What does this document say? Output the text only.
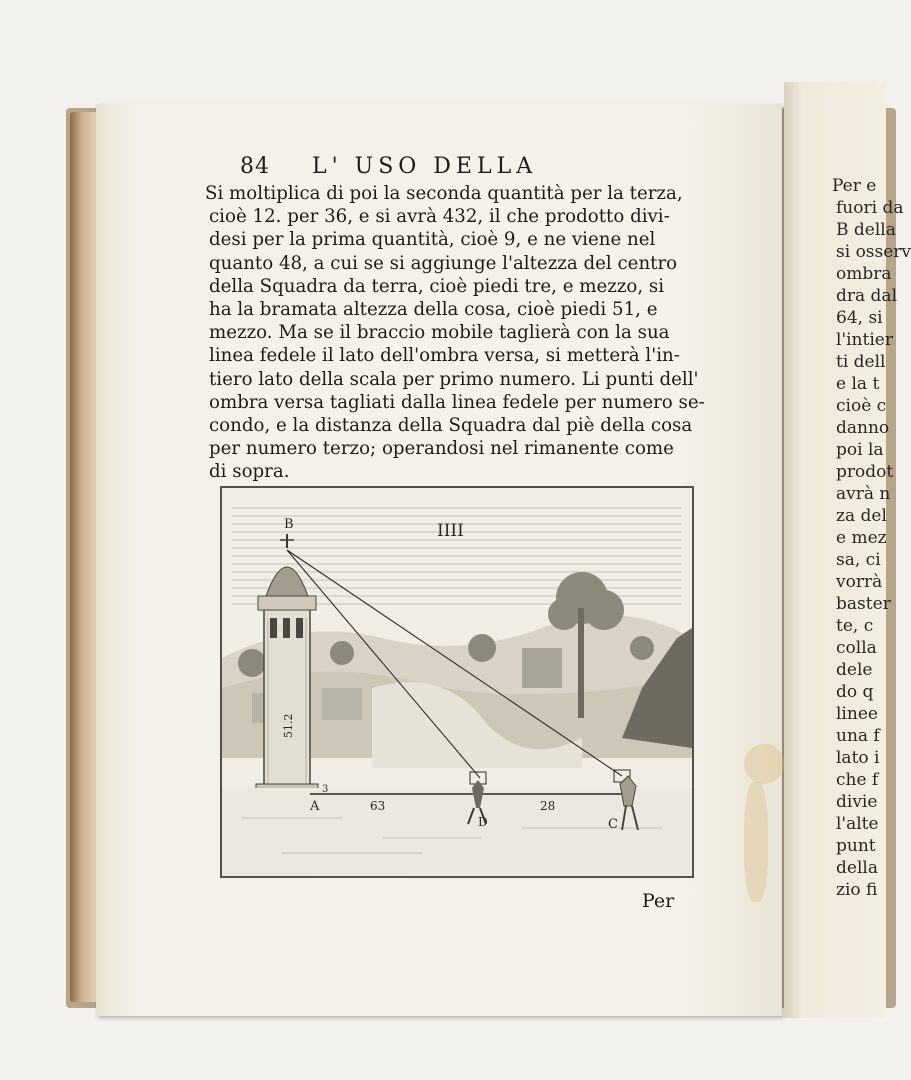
84 L' USO DELLA
Si moltiplica di poi la seconda quantità per la terza,
cioè 12. per 36, e si avrà 432, il che prodotto divi-
desi per la prima quantità, cioè 9, e ne viene nel
quanto 48, a cui se si aggiunge l'altezza del centro
della Squadra da terra, cioè piedi tre, e mezzo, si
ha la bramata altezza della cosa, cioè piedi 51, e
mezzo. Ma se il braccio mobile taglierà con la sua
linea fedele il lato dell'ombra versa, si metterà l'in-
tiero lato della scala per primo numero. Li punti dell'
ombra versa tagliati dalla linea fedele per numero se-
condo, e la distanza della Squadra dal piè della cosa
per numero terzo; operandosi nel rimanente come
di sopra.
IIII
B
A
D	C
63	28
51.2
3
Per
Per e
fuori da
B della
si osserv
ombra
dra dal
64, si
l'intier
ti dell
e la t
cioè c
danno
poi la
prodot
avrà n
za del
e mez
sa, ci
vorrà
baster
te, c
colla
dele
do q
linee
una f
lato i
che f
divie
l'alte
punt
della
zio fi
